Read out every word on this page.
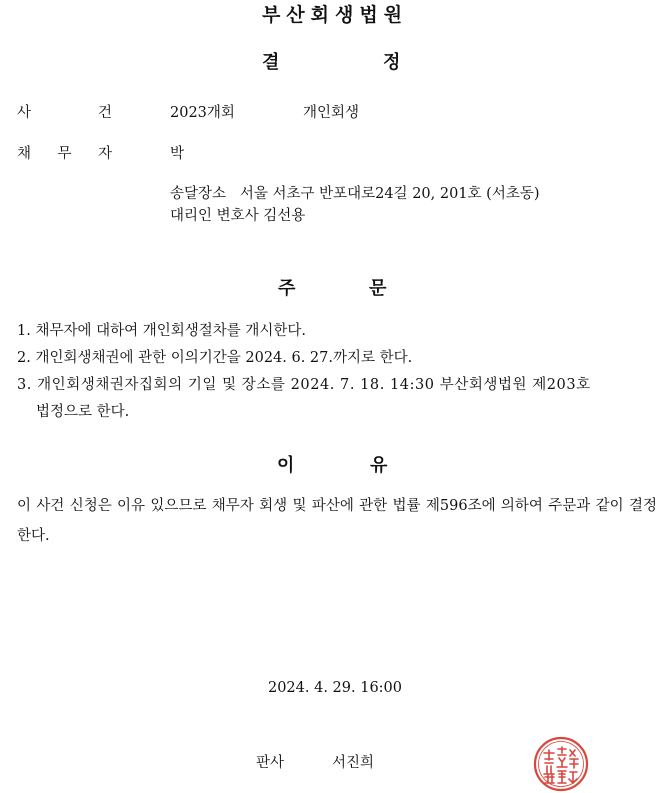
부산회생법원
결	정
사	건	2023개회	개인회생
채 무 자	박
송달장소 서울 서초구 반포대로24길 20, 201호 (서초동)
대리인 변호사 김선용
주	문
1. 채무자에 대하여 개인회생절차를 개시한다.
2. 개인회생채권에 관한 이의기간을 2024. 6. 27.까지로 한다.
3. 개인회생채권자집회의 기일 및 장소를 2024. 7. 18. 14:30 부산회생법원 제203호
법정으로 한다.
이	유
이 사건 신청은 이유 있으므로 채무자 회생 및 파산에 관한 법률 제596조에 의하여 주문과 같이 결정한다.
2024. 4. 29. 16:00
판사	서진희
